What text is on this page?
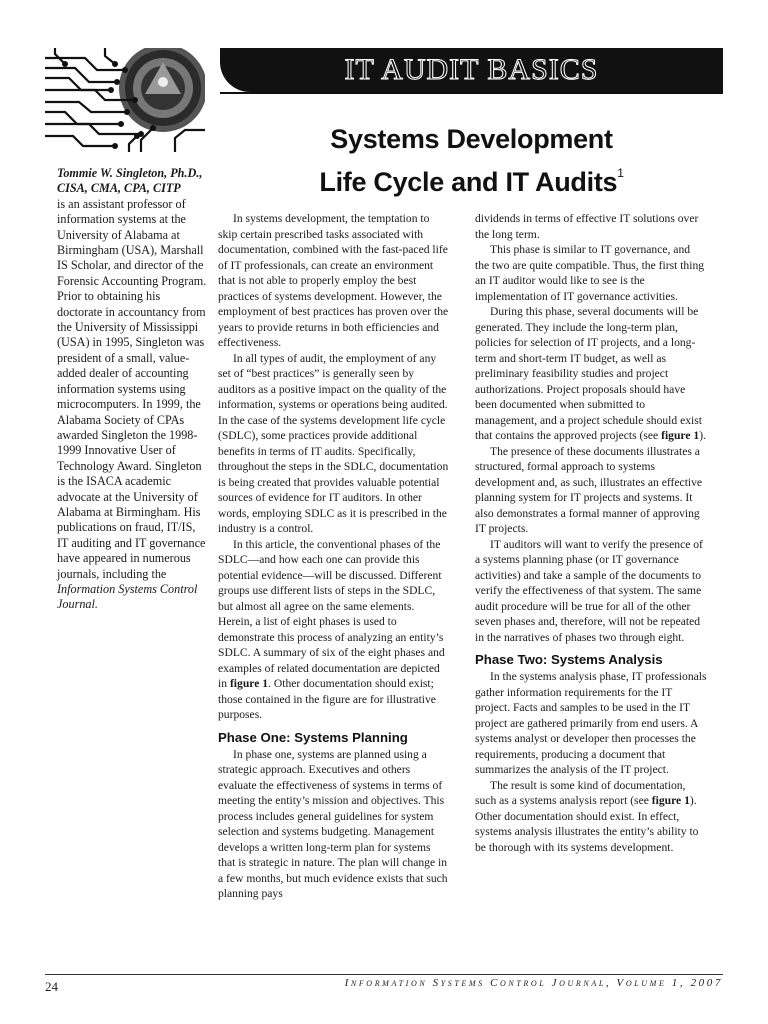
IT AUDIT BASICS
Systems Development
Life Cycle and IT Audits$^1$
Tommie W. Singleton, Ph.D.,
CISA, CMA, CPA, CITP
is an assistant professor of information systems at the University of Alabama at Birmingham (USA), Marshall IS Scholar, and director of the Forensic Accounting Program. Prior to obtaining his doctorate in accountancy from the University of Mississippi (USA) in 1995, Singleton was president of a small, value-added dealer of accounting information systems using microcomputers. In 1999, the Alabama Society of CPAs awarded Singleton the 1998-1999 Innovative User of Technology Award. Singleton is the ISACA academic advocate at the University of Alabama at Birmingham. His publications on fraud, IT/IS, IT auditing and IT governance have appeared in numerous journals, including the Information Systems Control Journal.

In systems development, the temptation to skip certain prescribed tasks associated with documentation, combined with the fast-paced life of IT professionals, can create an environment that is not able to properly employ the best practices of systems development. However, the employment of best practices has proven over the years to provide returns in both efficiencies and effectiveness.

In all types of audit, the employment of any set of “best practices” is generally seen by auditors as a positive impact on the quality of the information, systems or operations being audited. In the case of the systems development life cycle (SDLC), some practices provide additional benefits in terms of IT audits. Specifically, throughout the steps in the SDLC, documentation is being created that provides valuable potential sources of evidence for IT auditors. In other words, employing SDLC as it is prescribed in the industry is a control.

In this article, the conventional phases of the SDLC—and how each one can provide this potential evidence—will be discussed. Different groups use different lists of steps in the SDLC, but almost all agree on the same elements. Herein, a list of eight phases is used to demonstrate this process of analyzing an entity’s SDLC. A summary of six of the eight phases and examples of related documentation are depicted in figure 1. Other documentation should exist; those contained in the figure are for illustrative purposes.

Phase One: Systems Planning

In phase one, systems are planned using a strategic approach. Executives and others evaluate the effectiveness of systems in terms of meeting the entity’s mission and objectives. This process includes general guidelines for system selection and systems budgeting. Management develops a written long-term plan for systems that is strategic in nature. The plan will change in a few months, but much evidence exists that such planning pays

dividends in terms of effective IT solutions over the long term.

This phase is similar to IT governance, and the two are quite compatible. Thus, the first thing an IT auditor would like to see is the implementation of IT governance activities.

During this phase, several documents will be generated. They include the long-term plan, policies for selection of IT projects, and a long-term and short-term IT budget, as well as preliminary feasibility studies and project authorizations. Project proposals should have been documented when submitted to management, and a project schedule should exist that contains the approved projects (see figure 1).

The presence of these documents illustrates a structured, formal approach to systems development and, as such, illustrates an effective planning system for IT projects and systems. It also demonstrates a formal manner of approving IT projects.

IT auditors will want to verify the presence of a systems planning phase (or IT governance activities) and take a sample of the documents to verify the effectiveness of that system. The same audit procedure will be true for all of the other seven phases and, therefore, will not be repeated in the narratives of phases two through eight.

Phase Two: Systems Analysis

In the systems analysis phase, IT professionals gather information requirements for the IT project. Facts and samples to be used in the IT project are gathered primarily from end users. A systems analyst or developer then processes the requirements, producing a document that summarizes the analysis of the IT project.

The result is some kind of documentation, such as a systems analysis report (see figure 1). Other documentation should exist. In effect, systems analysis illustrates the entity’s ability to be thorough with its systems development.

24	Information Systems Control Journal, Volume 1, 2007
